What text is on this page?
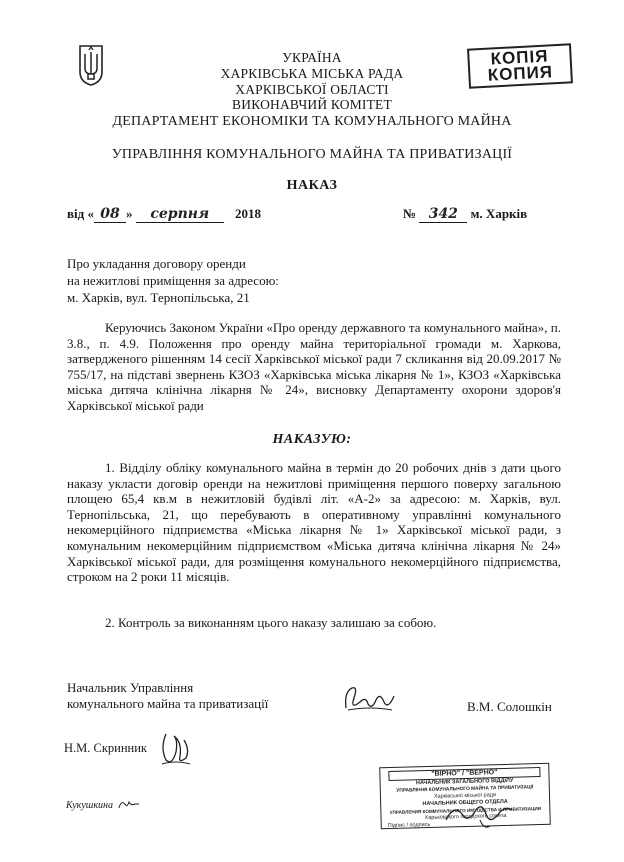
УКРАЇНА
ХАРКІВСЬКА МІСЬКА РАДА
ХАРКІВСЬКОЇ ОБЛАСТІ
ВИКОНАВЧИЙ КОМІТЕТ
ДЕПАРТАМЕНТ ЕКОНОМІКИ ТА КОМУНАЛЬНОГО МАЙНА
УПРАВЛІННЯ КОМУНАЛЬНОГО МАЙНА ТА ПРИВАТИЗАЦІЇ
КОПІЯ
КОПИЯ
НАКАЗ
від « 08 » серпня 2018	№ 342 м. Харків
Про укладання договору оренди
на нежитлові приміщення за адресою:
м. Харків, вул. Тернопільська, 21
Керуючись Законом України «Про оренду державного та комунального майна», п. 3.8., п. 4.9. Положення про оренду майна територіальної громади м. Харкова, затвердженого рішенням 14 сесії Харківської міської ради 7 скликання від 20.09.2017 № 755/17, на підставі звернень КЗОЗ «Харківська міська лікарня № 1», КЗОЗ «Харківська міська дитяча клінічна лікарня № 24», висновку Департаменту охорони здоров'я Харківської міської ради
НАКАЗУЮ:
1. Відділу обліку комунального майна в термін до 20 робочих днів з дати цього наказу укласти договір оренди на нежитлові приміщення першого поверху загальною площею 65,4 кв.м в нежитловій будівлі літ. «А-2» за адресою: м. Харків, вул. Тернопільська, 21, що перебувають в оперативному управлінні комунального некомерційного підприємства «Міська лікарня № 1» Харківської міської ради, з комунальним некомерційним підприємством «Міська дитяча клінічна лікарня № 24» Харківської міської ради, для розміщення комунального некомерційного підприємства, строком на 2 роки 11 місяців.
2. Контроль за виконанням цього наказу залишаю за собою.
Начальник Управління
комунального майна та приватизації	В.М. Солошкін
Н.М. Скринник
Кукушкина
"ВІРНО" / "ВЕРНО"
НАЧАЛЬНИК ЗАГАЛЬНОГО ВІДДІЛУ
УПРАВЛІННЯ КОМУНАЛЬНОГО МАЙНА ТА ПРИВАТИЗАЦІЇ
Харківської міської ради
НАЧАЛЬНИК ОБЩЕГО ОТДЕЛА
УПРАВЛЕНИЯ КОММУНАЛЬНОГО ИМУЩЕСТВА И ПРИВАТИЗАЦИИ
Харьковского городского совета
Підпис / подпись
